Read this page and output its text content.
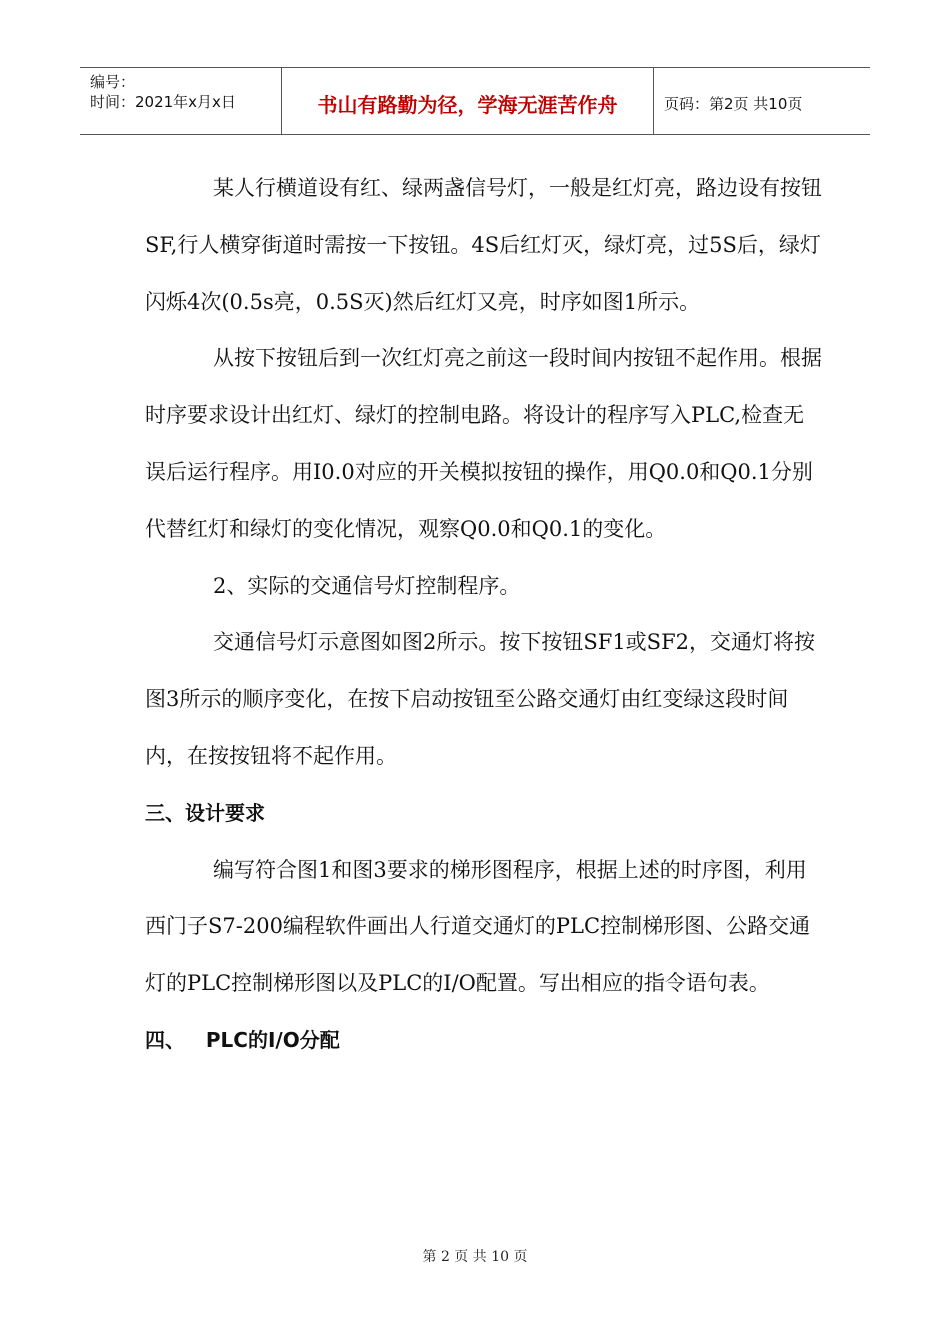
编号：
时间：2021年x月x日	书山有路勤为径，学海无涯苦作舟	页码：第2页 共10页

某人行横道设有红、绿两盏信号灯，一般是红灯亮，路边设有按钮SF,行人横穿街道时需按一下按钮。4S后红灯灭，绿灯亮，过5S后，绿灯闪烁4次(0.5s亮，0.5S灭)然后红灯又亮，时序如图1所示。

从按下按钮后到一次红灯亮之前这一段时间内按钮不起作用。根据时序要求设计出红灯、绿灯的控制电路。将设计的程序写入PLC,检查无误后运行程序。用I0.0对应的开关模拟按钮的操作，用Q0.0和Q0.1分别代替红灯和绿灯的变化情况，观察Q0.0和Q0.1的变化。

2、实际的交通信号灯控制程序。

交通信号灯示意图如图2所示。按下按钮SF1或SF2，交通灯将按图3所示的顺序变化，在按下启动按钮至公路交通灯由红变绿这段时间内，在按按钮将不起作用。

三、设计要求

编写符合图1和图3要求的梯形图程序，根据上述的时序图，利用西门子S7-200编程软件画出人行道交通灯的PLC控制梯形图、公路交通灯的PLC控制梯形图以及PLC的I/O配置。写出相应的指令语句表。

四、   PLC的I/O分配

第 2 页 共 10 页
